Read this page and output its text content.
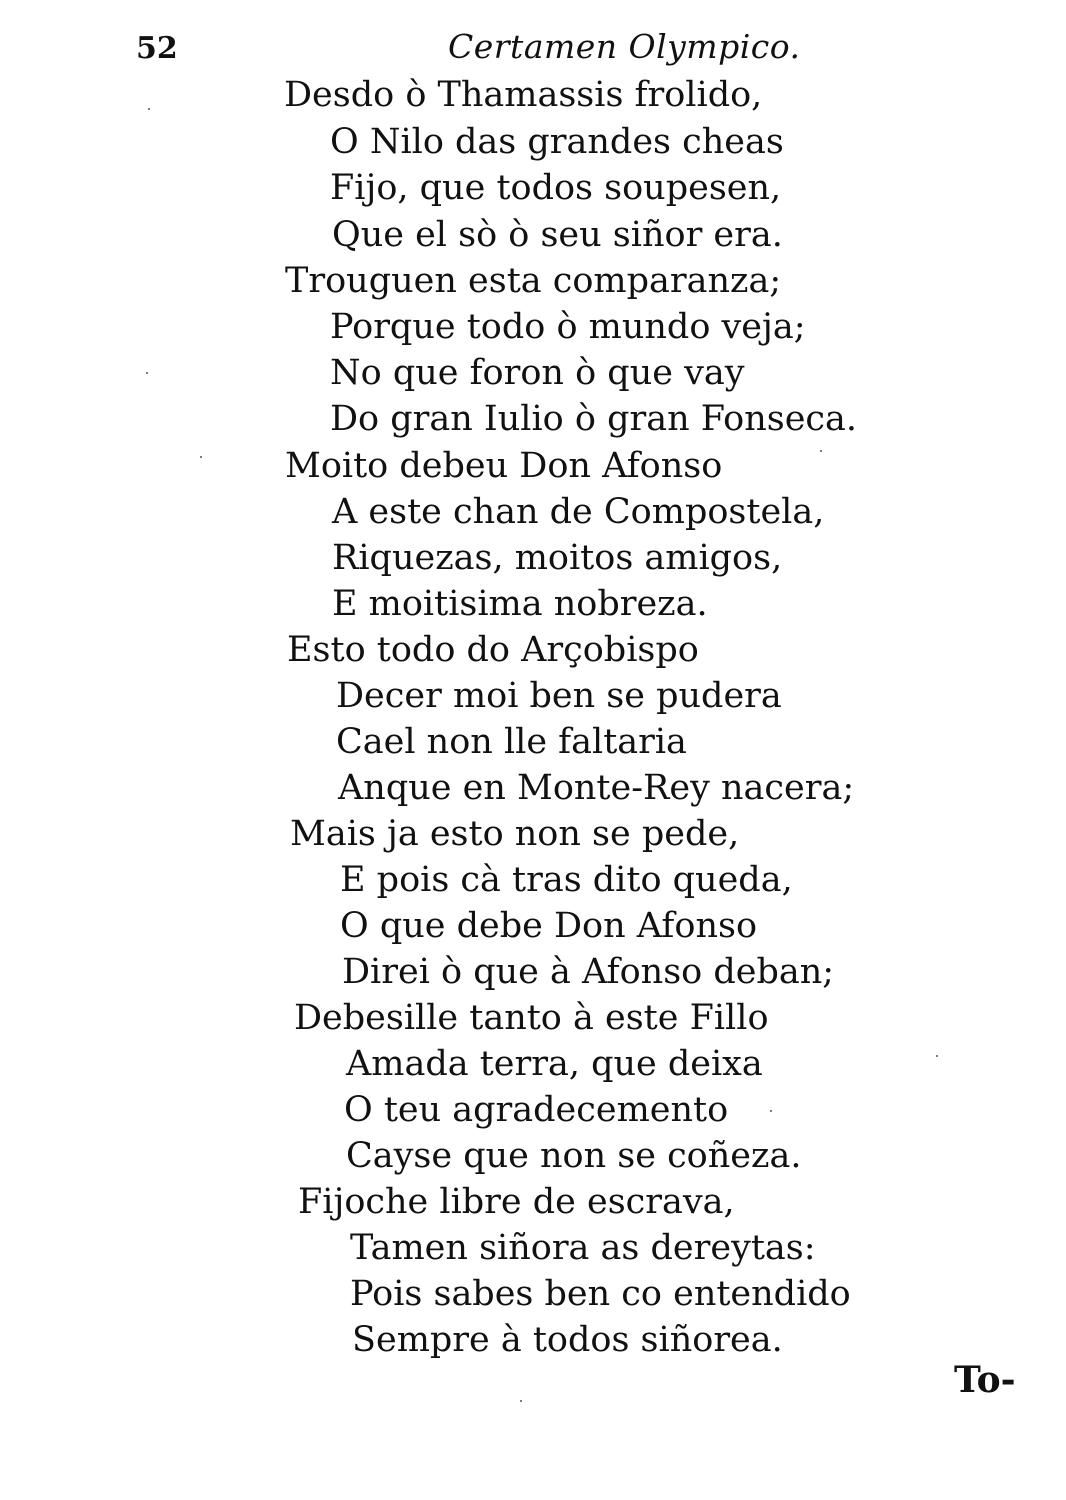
52	Certamen Olympico.
Desdo ò Thamassis frolido,
O Nilo das grandes cheas
Fijo, que todos soupesen,
Que el sò ò seu siñor era.
Trouguen esta comparanza;
Porque todo ò mundo veja;
No que foron ò que vay
Do gran Iulio ò gran Fonseca.
Moito debeu Don Afonso
A este chan de Compostela,
Riquezas, moitos amigos,
E moitisima nobreza.
Esto todo do Arçobispo
Decer moi ben se pudera
Cael non lle faltaria
Anque en Monte-Rey nacera;
Mais ja esto non se pede,
E pois cà tras dito queda,
O que debe Don Afonso
Direi ò que à Afonso deban;
Debesille tanto à este Fillo
Amada terra, que deixa
O teu agradecemento
Cayse que non se coñeza.
Fijoche libre de escrava,
Tamen siñora as dereytas:
Pois sabes ben co entendido
Sempre à todos siñorea.
To-
